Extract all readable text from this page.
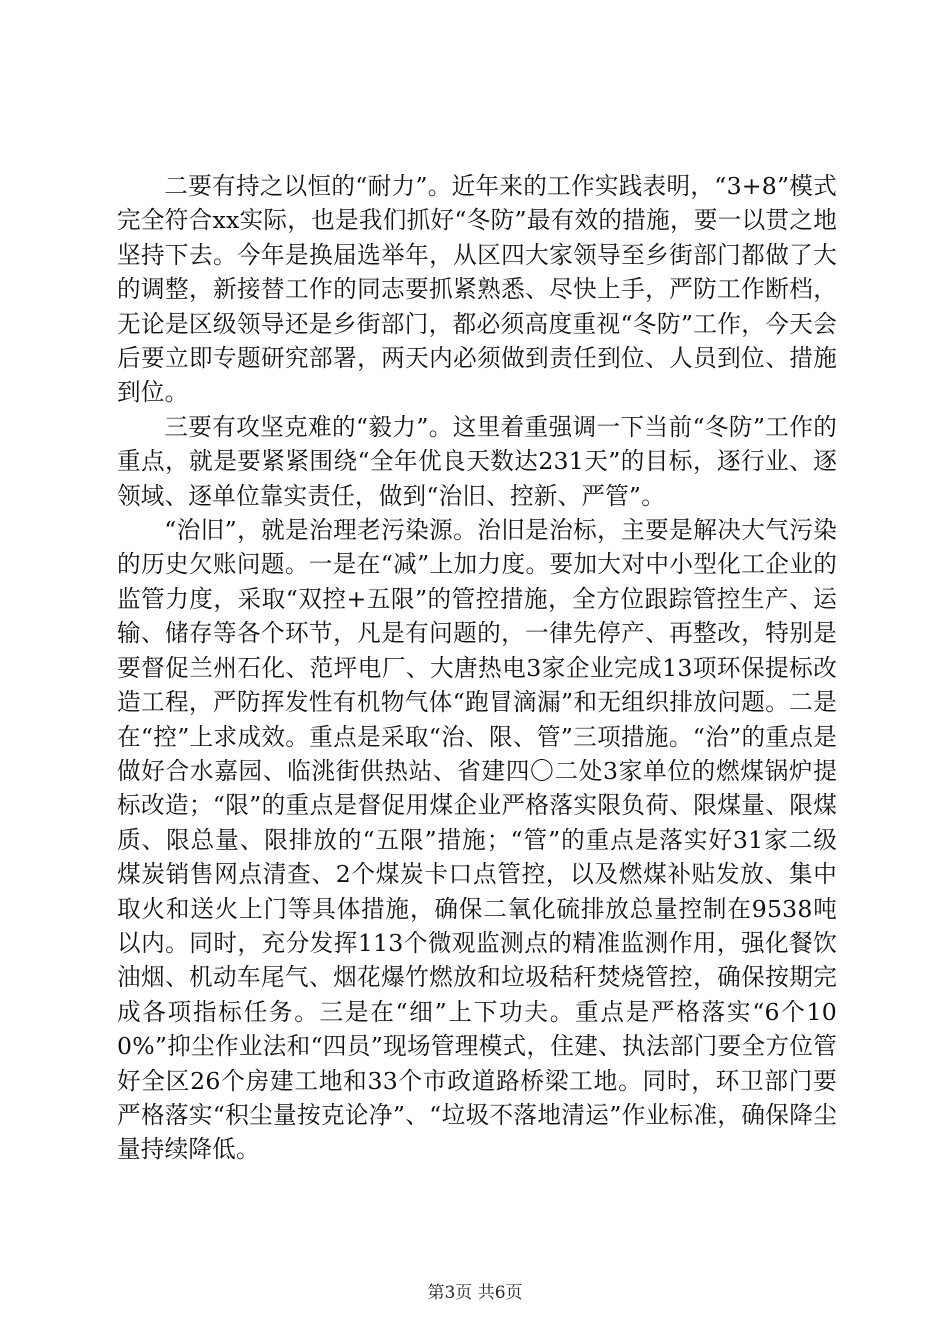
二要有持之以恒的“耐力”。近年来的工作实践表明，“3+8”模式完全符合xx实际，也是我们抓好“冬防”最有效的措施，要一以贯之地坚持下去。今年是换届选举年，从区四大家领导至乡街部门都做了大的调整，新接替工作的同志要抓紧熟悉、尽快上手，严防工作断档，无论是区级领导还是乡街部门，都必须高度重视“冬防”工作，今天会后要立即专题研究部署，两天内必须做到责任到位、人员到位、措施到位。

三要有攻坚克难的“毅力”。这里着重强调一下当前“冬防”工作的重点，就是要紧紧围绕“全年优良天数达231天”的目标，逐行业、逐领域、逐单位靠实责任，做到“治旧、控新、严管”。

“治旧”，就是治理老污染源。治旧是治标，主要是解决大气污染的历史欠账问题。一是在“减”上加力度。要加大对中小型化工企业的监管力度，采取“双控+五限”的管控措施，全方位跟踪管控生产、运输、储存等各个环节，凡是有问题的，一律先停产、再整改，特别是要督促兰州石化、范坪电厂、大唐热电3家企业完成13项环保提标改造工程，严防挥发性有机物气体“跑冒滴漏”和无组织排放问题。二是在“控”上求成效。重点是采取“治、限、管”三项措施。“治”的重点是做好合水嘉园、临洮街供热站、省建四〇二处3家单位的燃煤锅炉提标改造；“限”的重点是督促用煤企业严格落实限负荷、限煤量、限煤质、限总量、限排放的“五限”措施；“管”的重点是落实好31家二级煤炭销售网点清查、2个煤炭卡口点管控，以及燃煤补贴发放、集中取火和送火上门等具体措施，确保二氧化硫排放总量控制在9538吨以内。同时，充分发挥113个微观监测点的精准监测作用，强化餐饮油烟、机动车尾气、烟花爆竹燃放和垃圾秸秆焚烧管控，确保按期完成各项指标任务。三是在“细”上下功夫。重点是严格落实“6个100%”抑尘作业法和“四员”现场管理模式，住建、执法部门要全方位管好全区26个房建工地和33个市政道路桥梁工地。同时，环卫部门要严格落实“积尘量按克论净”、“垃圾不落地清运”作业标准，确保降尘量持续降低。

第3页 共6页
